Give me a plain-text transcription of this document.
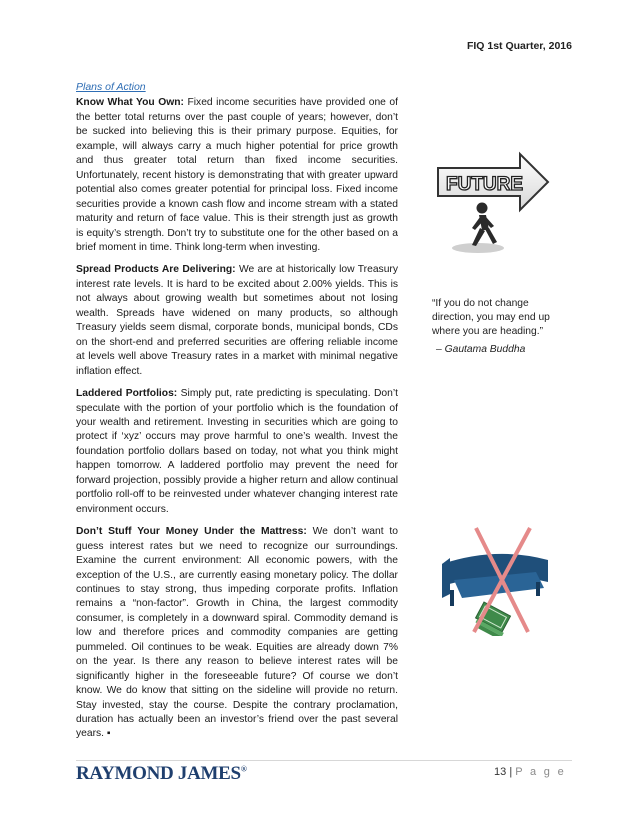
FIQ 1st Quarter, 2016
Plans of Action

Know What You Own: Fixed income securities have provided one of the better total returns over the past couple of years; however, don’t be sucked into believing this is their primary purpose. Equities, for example, will always carry a much higher potential for price growth and thus greater total return than fixed income securities. Unfortunately, recent history is demonstrating that with greater upward potential also comes greater potential for principal loss. Fixed income securities provide a known cash flow and income stream with a stated maturity and return of face value. This is their strength just as growth is equity’s strength. Don’t try to substitute one for the other based on a brief moment in time. Think long-term when investing.

Spread Products Are Delivering: We are at historically low Treasury interest rate levels. It is hard to be excited about 2.00% yields. This is not always about growing wealth but sometimes about not losing wealth. Spreads have widened on many products, so although Treasury yields seem dismal, corporate bonds, municipal bonds, CDs on the short-end and preferred securities are offering reliable income at levels well above Treasury rates in a market with minimal negative inflation effect.

Laddered Portfolios: Simply put, rate predicting is speculating. Don’t speculate with the portion of your portfolio which is the foundation of your wealth and retirement. Investing in securities which are going to protect if ‘xyz’ occurs may prove harmful to one’s wealth. Invest the foundation portfolio dollars based on today, not what you think might happen tomorrow. A laddered portfolio may prevent the need for forward projection, possibly provide a higher return and allow continual portfolio roll-off to be reinvested under whatever changing interest rate environment occurs.

Don’t Stuff Your Money Under the Mattress: We don’t want to guess interest rates but we need to recognize our surroundings. Examine the current environment: All economic powers, with the exception of the U.S., are currently easing monetary policy. The dollar continues to stay strong, thus impeding corporate profits. Inflation remains a “non-factor”. Growth in China, the largest commodity consumer, is completely in a downward spiral. Commodity demand is low and therefore prices and commodity companies are getting pummeled. Oil continues to be weak. Equities are already down 7% on the year. Is there any reason to believe interest rates will be significantly higher in the foreseeable future? Of course we don’t know. We do know that sitting on the sideline will provide no return. Stay invested, stay the course. Despite the contrary proclamation, duration has actually been an investor’s friend over the past several years. ▪

FUTURE
“If you do not change direction, you may end up where you are heading.”
– Gautama Buddha
RAYMOND JAMES®	13 | P a g e
